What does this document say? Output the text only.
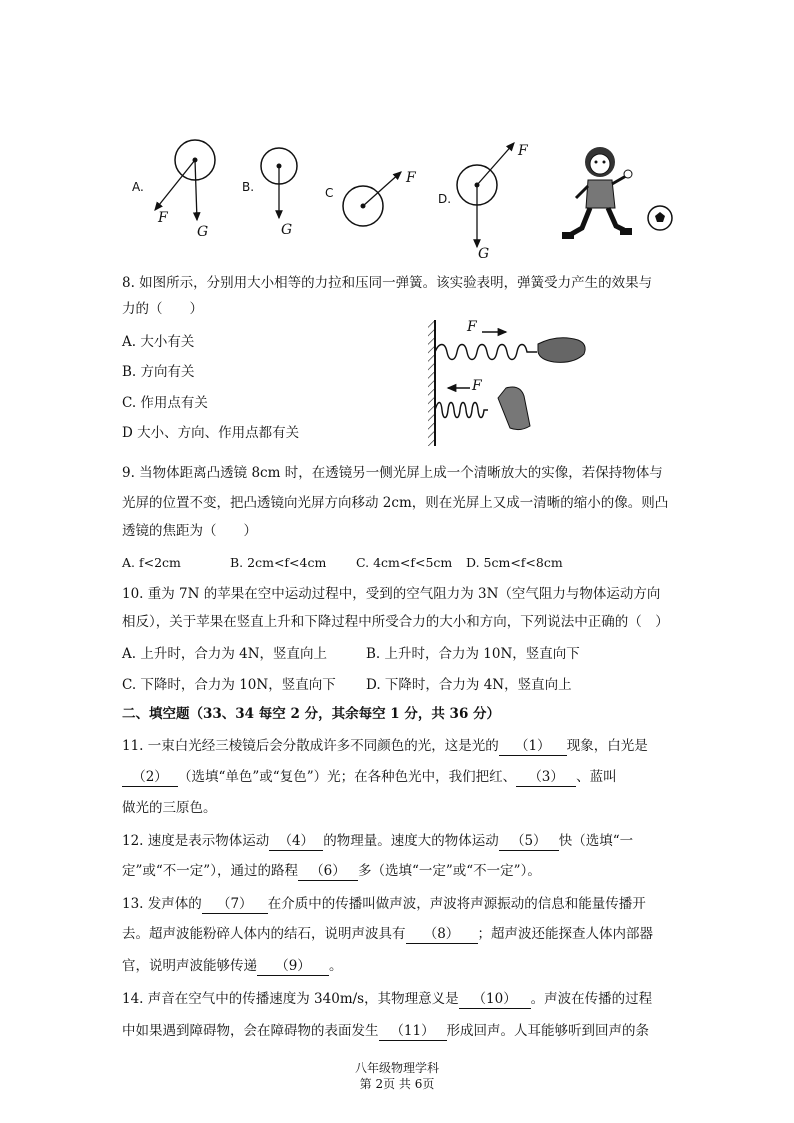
A.
F
G
B.
G
C
F
D.
F
G
8. 如图所示，分别用大小相等的力拉和压同一弹簧。该实验表明，弹簧受力产生的效果与
力的（　　）
A. 大小有关
B. 方向有关
C. 作用点有关
D 大小、方向、作用点都有关
F
F
9. 当物体距离凸透镜 8cm 时，在透镜另一侧光屏上成一个清晰放大的实像，若保持物体与
光屏的位置不变，把凸透镜向光屏方向移动 2cm，则在光屏上又成一清晰的缩小的像。则凸
透镜的焦距为（　　）
A. f<2cm	B. 2cm<f<4cm C. 4cm<f<5cm D. 5cm<f<8cm
10. 重为 7N 的苹果在空中运动过程中，受到的空气阻力为 3N（空气阻力与物体运动方向
相反），关于苹果在竖直上升和下降过程中所受合力的大小和方向，下列说法中正确的（　）
A. 上升时，合力为 4N，竖直向上	B. 上升时，合力为 10N，竖直向下
C. 下降时，合力为 10N，竖直向下 D. 下降时，合力为 4N，竖直向上
二、填空题（33、34 每空 2 分，其余每空 1 分，共 36 分）
11. 一束白光经三棱镜后会分散成许多不同颜色的光，这是光的 （1） 现象，白光是
（2） （选填“单色”或“复色”）光；在各种色光中，我们把红、 （3） 、蓝叫
做光的三原色。
12. 速度是表示物体运动 （4） 的物理量。速度大的物体运动 （5） 快（选填“一
定”或“不一定”），通过的路程 （6） 多（选填“一定”或“不一定”）。
13. 发声体的 （7） 在介质中的传播叫做声波，声波将声源振动的信息和能量传播开
去。超声波能粉碎人体内的结石，说明声波具有 （8） ；超声波还能探查人体内部器
官，说明声波能够传递 （9） 。
14. 声音在空气中的传播速度为 340m/s，其物理意义是 （10） 。声波在传播的过程
中如果遇到障碍物，会在障碍物的表面发生 （11） 形成回声。人耳能够听到回声的条
八年级物理学科
第 2页 共 6页
